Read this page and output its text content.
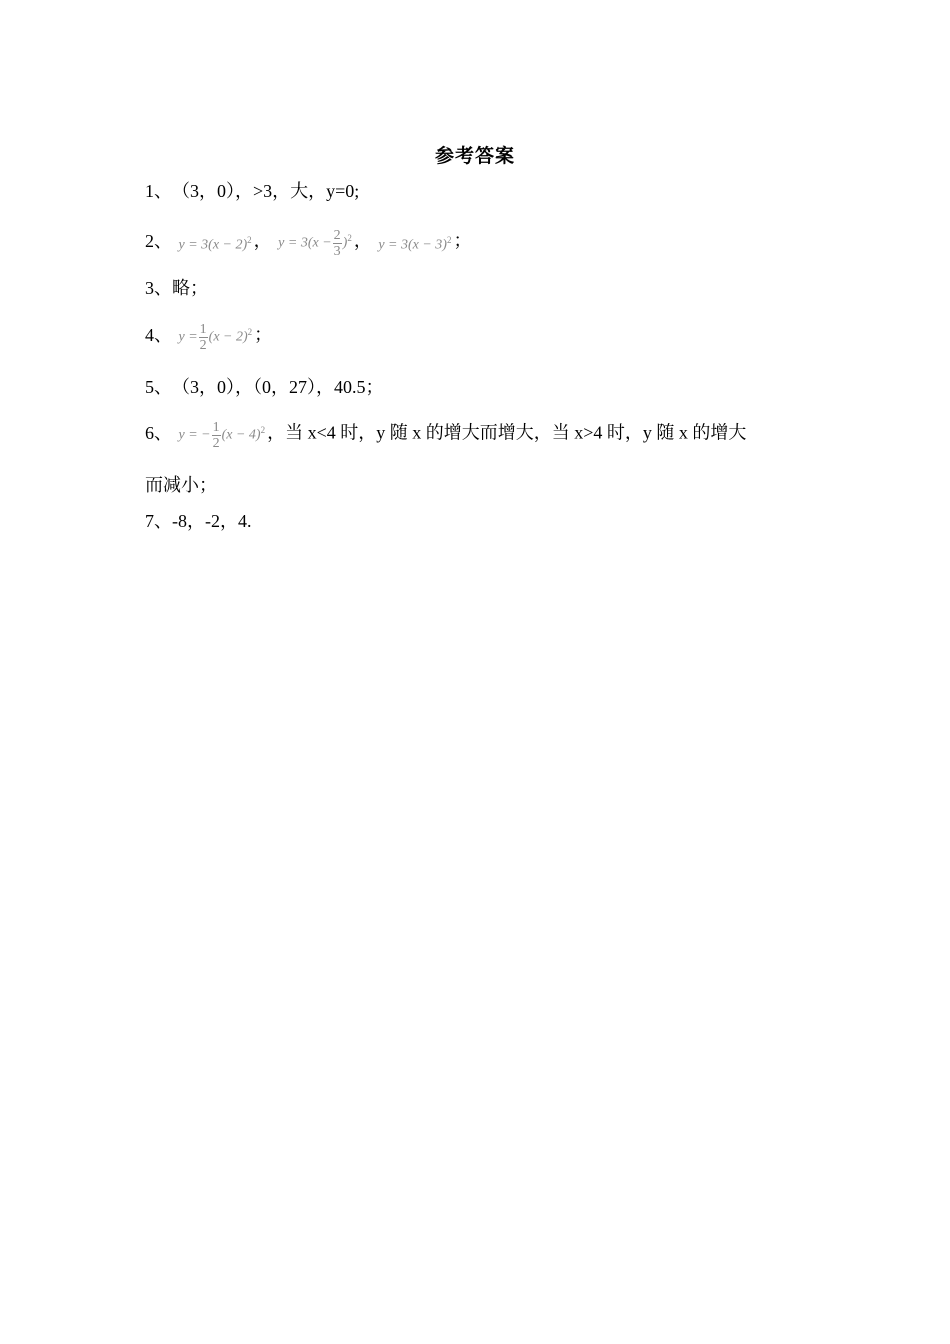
参考答案
1、（3，0），>3，大，y=0;
2、 $y = 3(x - 2)^2$ ， $y = 3(x - \frac{2}{3} )^2$ ， $y = 3(x - 3)^2$ ；
3、略；
4、 $y = \frac{1}{2} (x - 2)^2$ ；
5、（3，0），（0，27），40.5；
6、 y = − $\frac{1}{2} (x - 4)^2$ ，当 x<4 时，y 随 x 的增大而增大，当 x>4 时，y 随 x 的增大
而减小；
7、-8，-2，4.
